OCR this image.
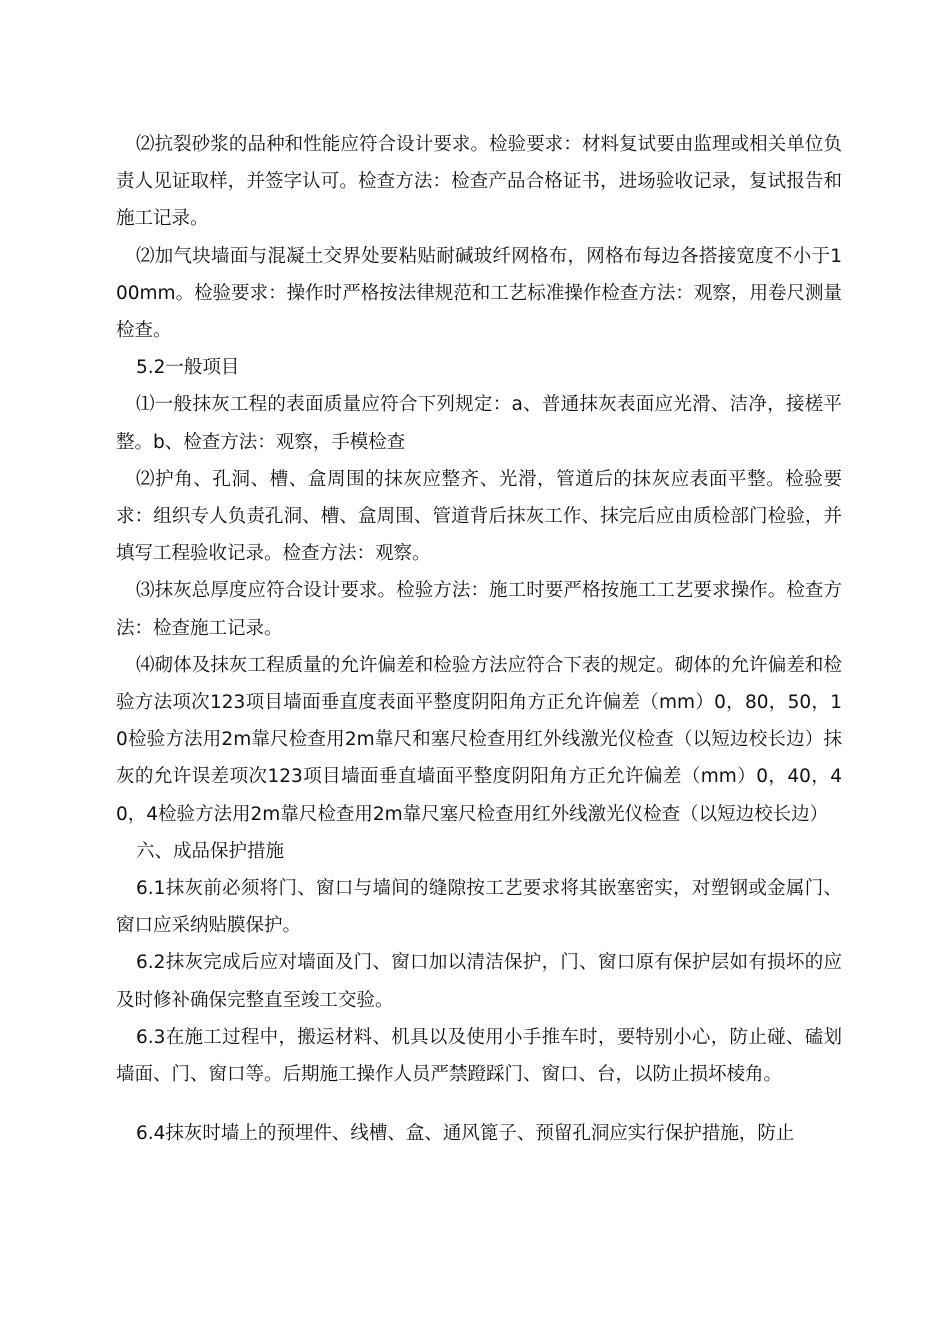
⑵抗裂砂浆的品种和性能应符合设计要求。检验要求：材料复试要由监理或相关单位负责人见证取样，并签字认可。检查方法：检查产品合格证书，进场验收记录，复试报告和施工记录。

⑵加气块墙面与混凝土交界处要粘贴耐碱玻纤网格布，网格布每边各搭接宽度不小于100mm。检验要求：操作时严格按法律规范和工艺标准操作检查方法：观察，用卷尺测量检查。

5.2一般项目

⑴一般抹灰工程的表面质量应符合下列规定：a、普通抹灰表面应光滑、洁净，接槎平整。b、检查方法：观察，手模检查

⑵护角、孔洞、槽、盒周围的抹灰应整齐、光滑，管道后的抹灰应表面平整。检验要求：组织专人负责孔洞、槽、盒周围、管道背后抹灰工作、抹完后应由质检部门检验，并填写工程验收记录。检查方法：观察。

⑶抹灰总厚度应符合设计要求。检验方法：施工时要严格按施工工艺要求操作。检查方法：检查施工记录。

⑷砌体及抹灰工程质量的允许偏差和检验方法应符合下表的规定。砌体的允许偏差和检验方法项次123项目墙面垂直度表面平整度阴阳角方正允许偏差（mm）0，80，50，10检验方法用2m靠尺检查用2m靠尺和塞尺检查用红外线激光仪检查（以短边校长边）抹灰的允许误差项次123项目墙面垂直墙面平整度阴阳角方正允许偏差（mm）0，40，40，4检验方法用2m靠尺检查用2m靠尺塞尺检查用红外线激光仪检查（以短边校长边）

六、成品保护措施

6.1抹灰前必须将门、窗口与墙间的缝隙按工艺要求将其嵌塞密实，对塑钢或金属门、窗口应采纳贴膜保护。

6.2抹灰完成后应对墙面及门、窗口加以清洁保护，门、窗口原有保护层如有损坏的应及时修补确保完整直至竣工交验。

6.3在施工过程中，搬运材料、机具以及使用小手推车时，要特别小心，防止碰、磕划墙面、门、窗口等。后期施工操作人员严禁蹬踩门、窗口、台，以防止损坏棱角。

6.4抹灰时墙上的预埋件、线槽、盒、通风篦子、预留孔洞应实行保护措施，防止
